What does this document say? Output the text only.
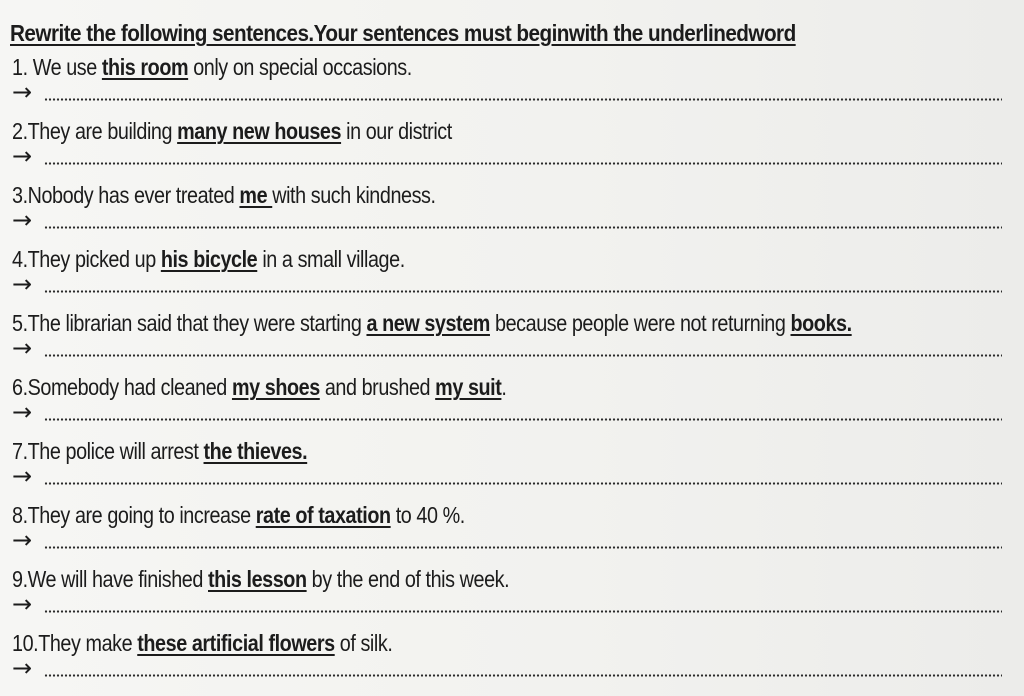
Rewrite the following sentences.Your sentences must beginwith the underlinedword
1. We use this room only on special occasions.
→
2.They are building many new houses in our district
→
3.Nobody has ever treated me with such kindness.
→
4.They picked up his bicycle in a small village.
→
5.The librarian said that they were starting a new system because people were not returning books.
→
6.Somebody had cleaned my shoes and brushed my suit.
→
7.The police will arrest the thieves.
→
8.They are going to increase rate of taxation to 40 %.
→
9.We will have finished this lesson by the end of this week.
→
10.They make these artificial flowers of silk.
→
